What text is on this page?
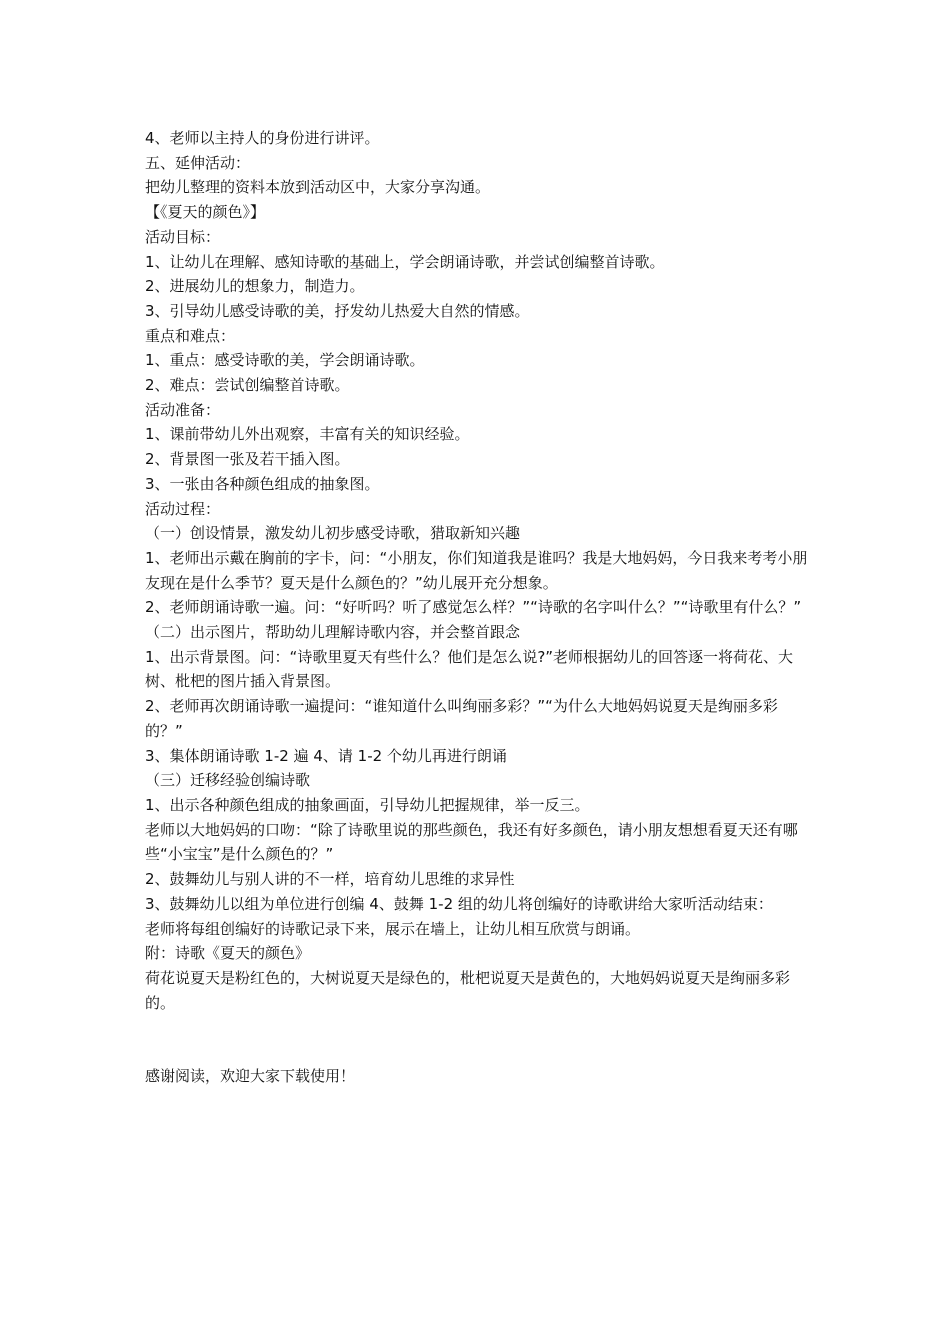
4、老师以主持人的身份进行讲评。

五、延伸活动：

把幼儿整理的资料本放到活动区中，大家分享沟通。

【《夏天的颜色》】

活动目标：

1、让幼儿在理解、感知诗歌的基础上，学会朗诵诗歌，并尝试创编整首诗歌。

2、进展幼儿的想象力，制造力。

3、引导幼儿感受诗歌的美，抒发幼儿热爱大自然的情感。

重点和难点：

1、重点：感受诗歌的美，学会朗诵诗歌。

2、难点：尝试创编整首诗歌。

活动准备：

1、课前带幼儿外出观察，丰富有关的知识经验。

2、背景图一张及若干插入图。

3、一张由各种颜色组成的抽象图。

活动过程：

（一）创设情景，激发幼儿初步感受诗歌，猎取新知兴趣

1、老师出示戴在胸前的字卡，问：“小朋友，你们知道我是谁吗？我是大地妈妈，今日我来考考小朋友现在是什么季节？夏天是什么颜色的？”幼儿展开充分想象。

2、老师朗诵诗歌一遍。问：“好听吗？听了感觉怎么样？”“诗歌的名字叫什么？”“诗歌里有什么？”

（二）出示图片，帮助幼儿理解诗歌内容，并会整首跟念

1、出示背景图。问：“诗歌里夏天有些什么？他们是怎么说?”老师根据幼儿的回答逐一将荷花、大树、枇杷的图片插入背景图。

2、老师再次朗诵诗歌一遍提问：“谁知道什么叫绚丽多彩？”“为什么大地妈妈说夏天是绚丽多彩的？”

3、集体朗诵诗歌 1-2 遍 4、请 1-2 个幼儿再进行朗诵

（三）迁移经验创编诗歌

1、出示各种颜色组成的抽象画面，引导幼儿把握规律，举一反三。

老师以大地妈妈的口吻：“除了诗歌里说的那些颜色，我还有好多颜色，请小朋友想想看夏天还有哪些“小宝宝”是什么颜色的？”

2、鼓舞幼儿与别人讲的不一样，培育幼儿思维的求异性

3、鼓舞幼儿以组为单位进行创编 4、鼓舞 1-2 组的幼儿将创编好的诗歌讲给大家听活动结束：

老师将每组创编好的诗歌记录下来，展示在墙上，让幼儿相互欣赏与朗诵。

附：诗歌《夏天的颜色》

荷花说夏天是粉红色的，大树说夏天是绿色的，枇杷说夏天是黄色的，大地妈妈说夏天是绚丽多彩的。

感谢阅读，欢迎大家下载使用！
